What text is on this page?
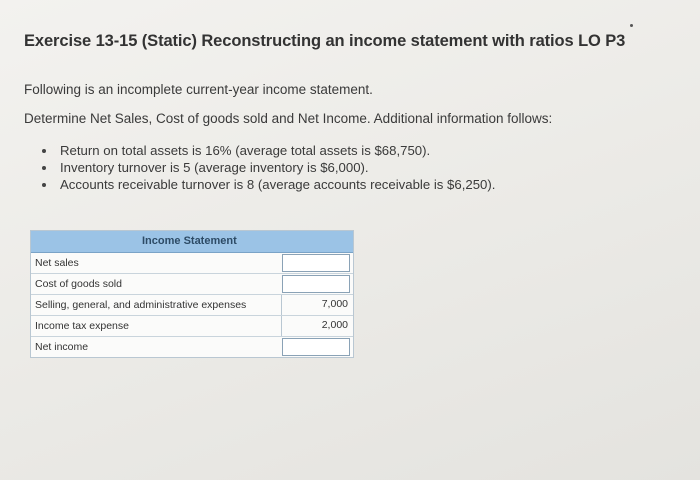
Exercise 13-15 (Static) Reconstructing an income statement with ratios LO P3
Following is an incomplete current-year income statement.
Determine Net Sales, Cost of goods sold and Net Income. Additional information follows:
Return on total assets is 16% (average total assets is $68,750).
Inventory turnover is 5 (average inventory is $6,000).
Accounts receivable turnover is 8 (average accounts receivable is $6,250).
Income Statement
Net sales
Cost of goods sold
Selling, general, and administrative expenses	7,000
Income tax expense	2,000
Net income
